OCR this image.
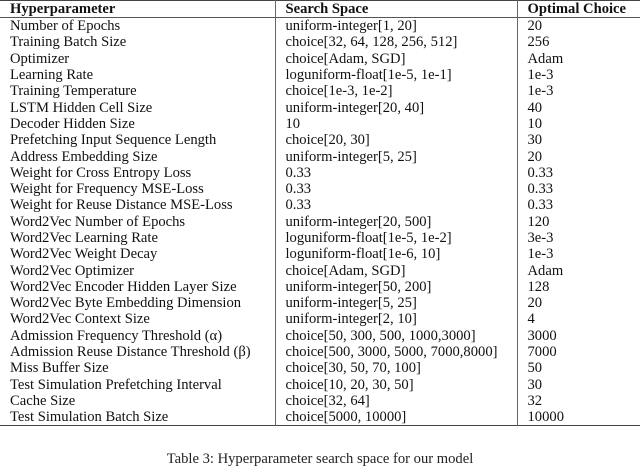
Hyperparameter	Search Space	Optimal Choice
Number of Epochs	uniform-integer[1, 20]	20
Training Batch Size	choice[32, 64, 128, 256, 512]	256
Optimizer	choice[Adam, SGD]	Adam
Learning Rate	loguniform-float[1e-5, 1e-1]	1e-3
Training Temperature	choice[1e-3, 1e-2]	1e-3
LSTM Hidden Cell Size	uniform-integer[20, 40]	40
Decoder Hidden Size	10	10
Prefetching Input Sequence Length	choice[20, 30]	30
Address Embedding Size	uniform-integer[5, 25]	20
Weight for Cross Entropy Loss	0.33	0.33
Weight for Frequency MSE-Loss	0.33	0.33
Weight for Reuse Distance MSE-Loss	0.33	0.33
Word2Vec Number of Epochs	uniform-integer[20, 500]	120
Word2Vec Learning Rate	loguniform-float[1e-5, 1e-2]	3e-3
Word2Vec Weight Decay	loguniform-float[1e-6, 10]	1e-3
Word2Vec Optimizer	choice[Adam, SGD]	Adam
Word2Vec Encoder Hidden Layer Size	uniform-integer[50, 200]	128
Word2Vec Byte Embedding Dimension	uniform-integer[5, 25]	20
Word2Vec Context Size	uniform-integer[2, 10]	4
Admission Frequency Threshold (α)	choice[50, 300, 500, 1000,3000]	3000
Admission Reuse Distance Threshold (β)	choice[500, 3000, 5000, 7000,8000]	7000
Miss Buffer Size	choice[30, 50, 70, 100]	50
Test Simulation Prefetching Interval	choice[10, 20, 30, 50]	30
Cache Size	choice[32, 64]	32
Test Simulation Batch Size	choice[5000, 10000]	10000
Table 3: Hyperparameter search space for our model
